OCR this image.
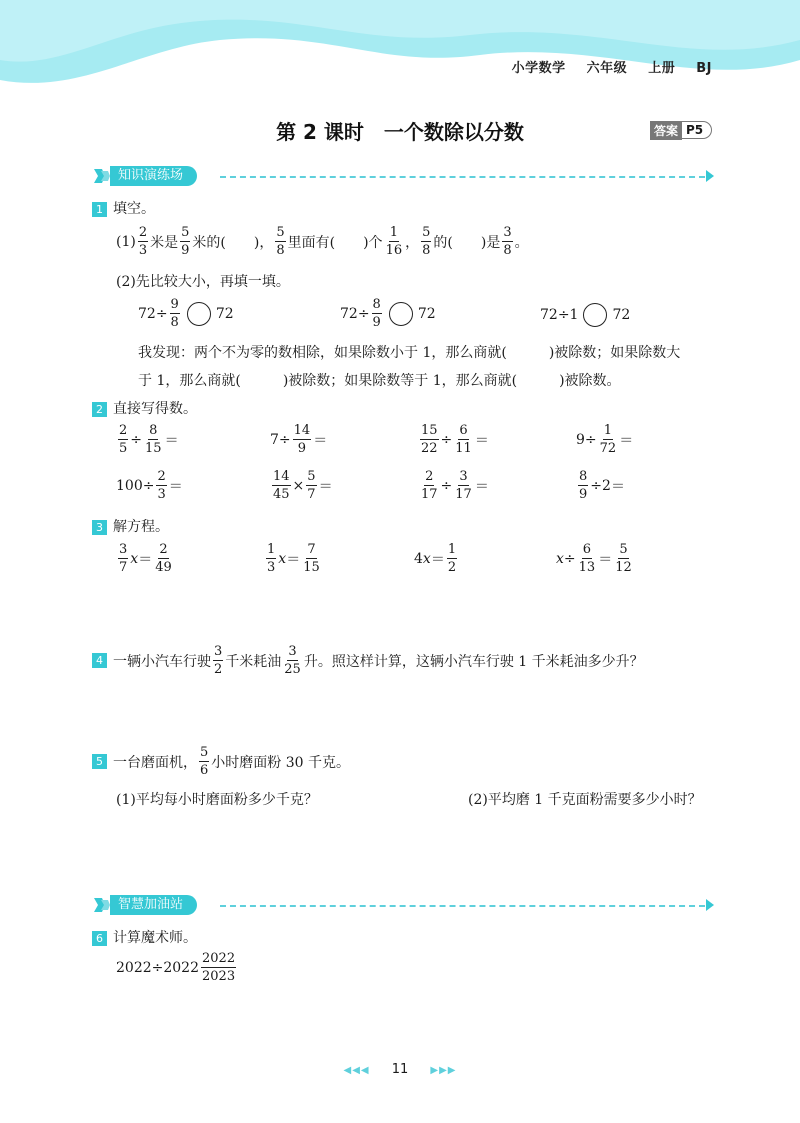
小学数学 六年级 上册 BJ
第 2 课时　一个数除以分数	答案 P5
知识演练场
1 填空。
$(1) \frac{2}{3}$ 米是 $\frac{5}{9}$ 米的(　　)， $\frac{5}{8}$ 里面有(　　)个 $\frac{1}{16}$ ， $\frac{5}{8}$ 的(　　)是 $\frac{3}{8}$ 。
(2)先比较大小，再填一填。
$72\div \frac{9}{8}$	72	$72\div \frac{8}{9}$	72	72÷1 72
我发现：两个不为零的数相除，如果除数小于 1，那么商就(　　　)被除数；如果除数大
于 1，那么商就(　　　)被除数；如果除数等于 1，那么商就(　　　)被除数。
2 直接写得数。
$\frac{2}{5} \div \frac{8}{15}$ ＝	$7 \div \frac{14}{9}$ ＝	$\frac{15}{22} \div \frac{6}{11}$ ＝	$9 \div \frac{1}{72}$ ＝
$100 \div \frac{2}{3}$ ＝	$\frac{14}{45} \times \frac{5}{7}$ ＝	$\frac{2}{17} \div \frac{3}{17}$ ＝	$\frac{8}{9} \div 2$ ＝
3 解方程。
$\frac{3}{7}$ $x = \frac{2}{49}$	$\frac{1}{3}$ $x = \frac{7}{15}$	4 $x = \frac{1}{2}$	$x \div \frac{6}{13} = \frac{5}{12}$
4 一辆小汽车行驶 $\frac{3}{2}$ 千米耗油 $\frac{3}{25}$ 升。照这样计算，这辆小汽车行驶 1 千米耗油多少升？
5 一台磨面机， $\frac{5}{6}$ 小时磨面粉 30 千克。
(1)平均每小时磨面粉多少千克？	(2)平均磨 1 千克面粉需要多少小时？
智慧加油站
6 计算魔术师。
$2022\div 2022 \frac{2022}{2023}$
◀◀◀ 11 ▶▶▶
